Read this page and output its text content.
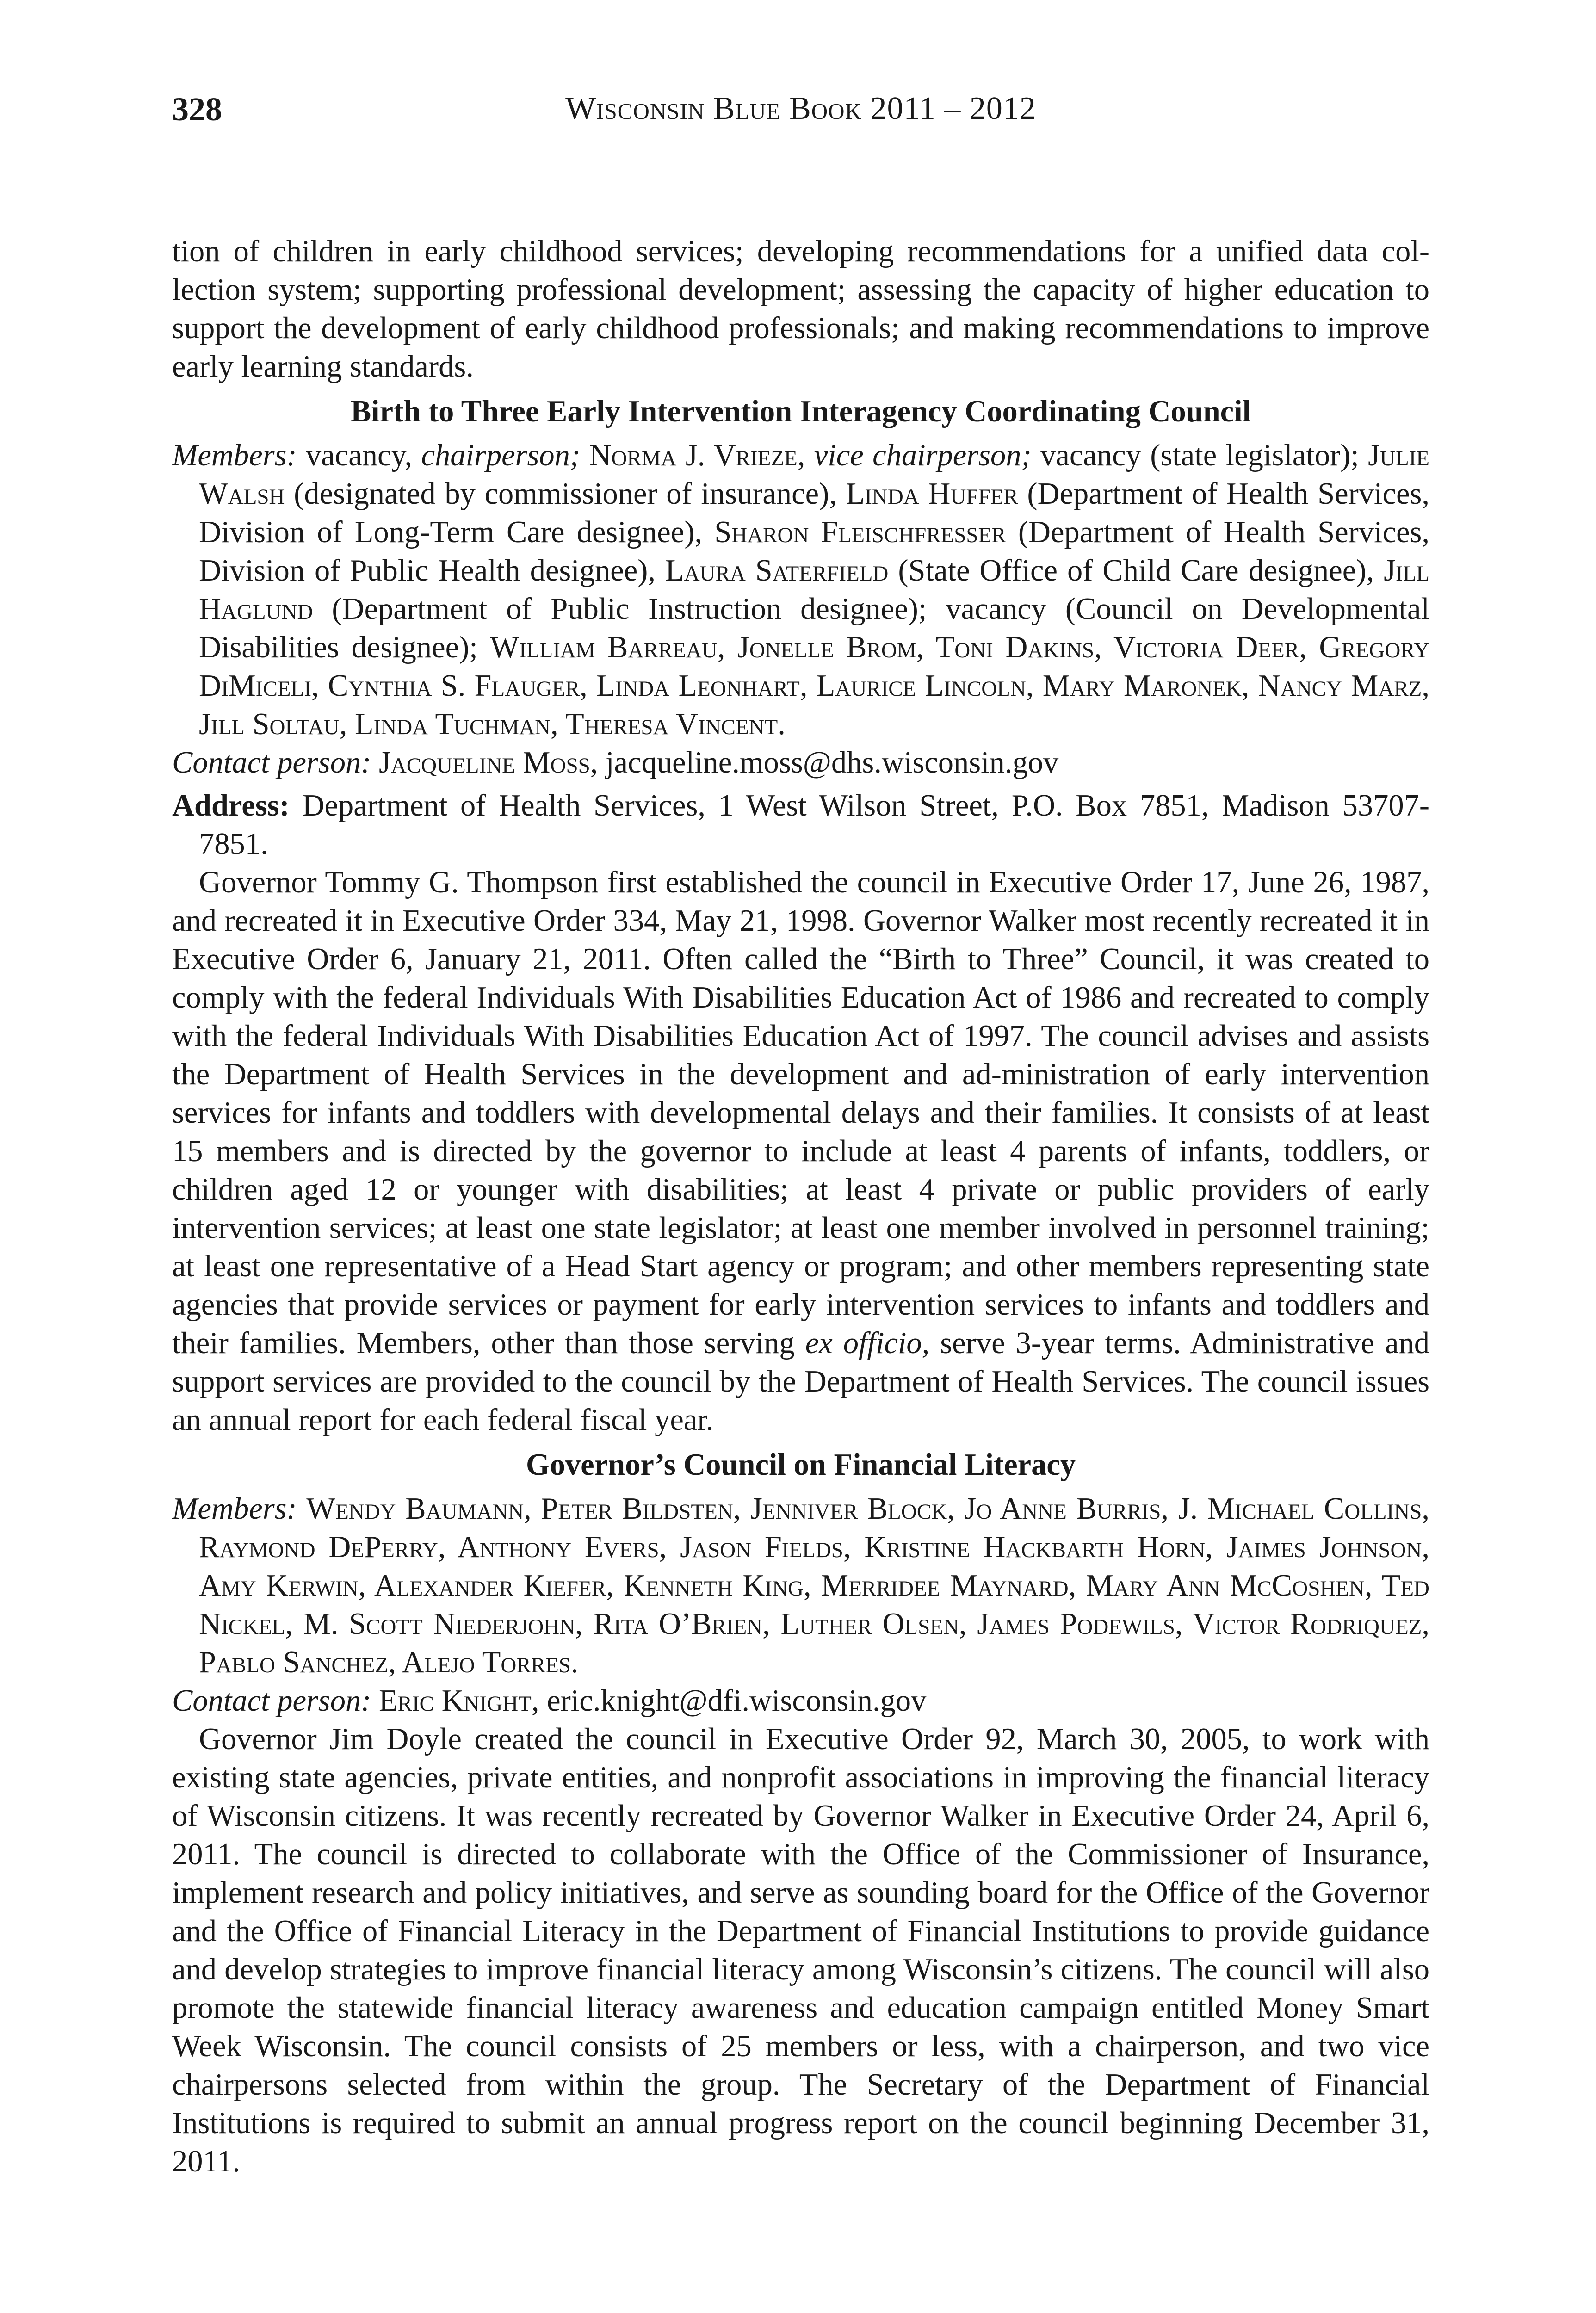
328	Wisconsin Blue Book 2011 – 2012

tion of children in early childhood services; developing recommendations for a unified data col-lection system; supporting professional development; assessing the capacity of higher education to support the development of early childhood professionals; and making recommendations to improve early learning standards.

Birth to Three Early Intervention Interagency Coordinating Council

Members: vacancy, chairperson; Norma J. Vrieze, vice chairperson; vacancy (state legislator); Julie Walsh (designated by commissioner of insurance), Linda Huffer (Department of Health Services, Division of Long-Term Care designee), Sharon Fleischfresser (Department of Health Services, Division of Public Health designee), Laura Saterfield (State Office of Child Care designee), Jill Haglund (Department of Public Instruction designee); vacancy (Council on Developmental Disabilities designee); William Barreau, Jonelle Brom, Toni Dakins, Victoria Deer, Gregory DiMiceli, Cynthia S. Flauger, Linda Leonhart, Laurice Lincoln, Mary Maronek, Nancy Marz, Jill Soltau, Linda Tuchman, Theresa Vincent.

Contact person: Jacqueline Moss, jacqueline.moss@dhs.wisconsin.gov

Address: Department of Health Services, 1 West Wilson Street, P.O. Box 7851, Madison 53707-7851.

Governor Tommy G. Thompson first established the council in Executive Order 17, June 26, 1987, and recreated it in Executive Order 334, May 21, 1998. Governor Walker most recently recreated it in Executive Order 6, January 21, 2011. Often called the “Birth to Three” Council, it was created to comply with the federal Individuals With Disabilities Education Act of 1986 and recreated to comply with the federal Individuals With Disabilities Education Act of 1997. The council advises and assists the Department of Health Services in the development and ad-ministration of early intervention services for infants and toddlers with developmental delays and their families. It consists of at least 15 members and is directed by the governor to include at least 4 parents of infants, toddlers, or children aged 12 or younger with disabilities; at least 4 private or public providers of early intervention services; at least one state legislator; at least one member involved in personnel training; at least one representative of a Head Start agency or program; and other members representing state agencies that provide services or payment for early intervention services to infants and toddlers and their families. Members, other than those serving ex officio, serve 3-year terms. Administrative and support services are provided to the council by the Department of Health Services. The council issues an annual report for each federal fiscal year.

Governor’s Council on Financial Literacy

Members: Wendy Baumann, Peter Bildsten, Jenniver Block, Jo Anne Burris, J. Michael Collins, Raymond DePerry, Anthony Evers, Jason Fields, Kristine Hackbarth Horn, Jaimes Johnson, Amy Kerwin, Alexander Kiefer, Kenneth King, Merridee Maynard, Mary Ann McCoshen, Ted Nickel, M. Scott Niederjohn, Rita O’Brien, Luther Olsen, James Podewils, Victor Rodriquez, Pablo Sanchez, Alejo Torres.

Contact person: Eric Knight, eric.knight@dfi.wisconsin.gov

Governor Jim Doyle created the council in Executive Order 92, March 30, 2005, to work with existing state agencies, private entities, and nonprofit associations in improving the financial literacy of Wisconsin citizens. It was recently recreated by Governor Walker in Executive Order 24, April 6, 2011. The council is directed to collaborate with the Office of the Commissioner of Insurance, implement research and policy initiatives, and serve as sounding board for the Office of the Governor and the Office of Financial Literacy in the Department of Financial Institutions to provide guidance and develop strategies to improve financial literacy among Wisconsin’s citizens. The council will also promote the statewide financial literacy awareness and education campaign entitled Money Smart Week Wisconsin. The council consists of 25 members or less, with a chairperson, and two vice chairpersons selected from within the group. The Secretary of the Department of Financial Institutions is required to submit an annual progress report on the council beginning December 31, 2011.
